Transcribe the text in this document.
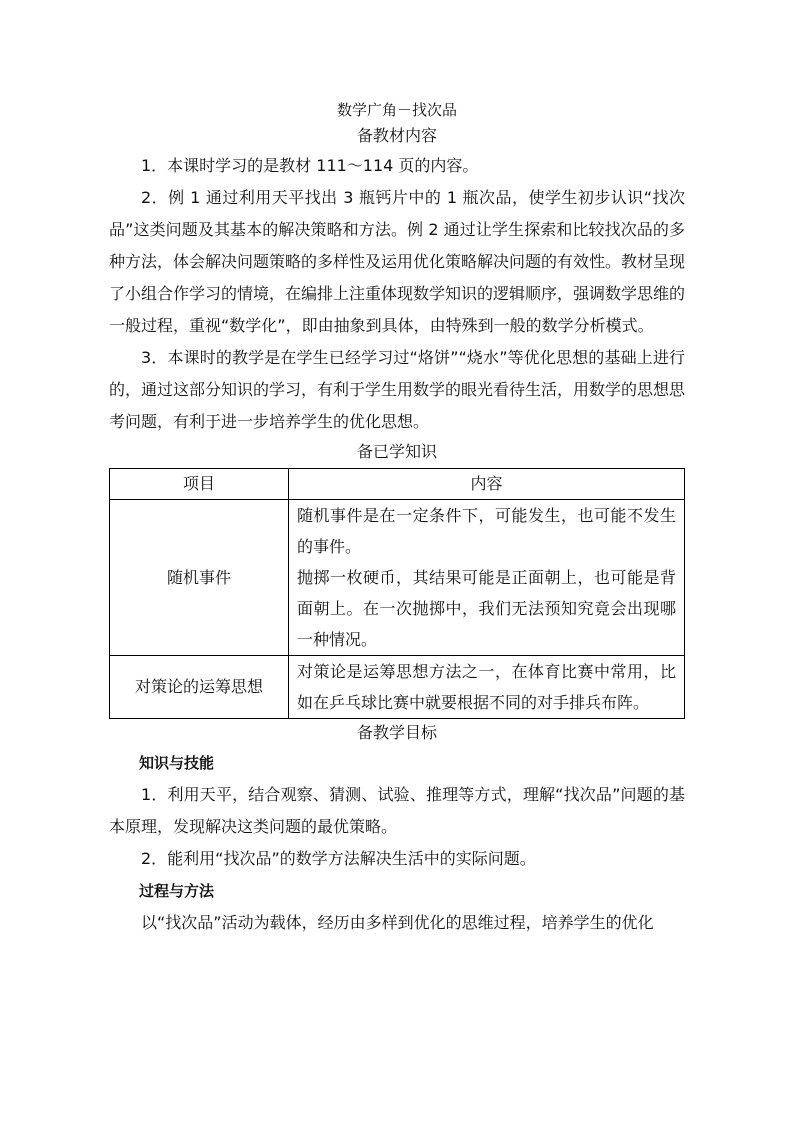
数学广角－找次品
备教材内容

1．本课时学习的是教材 111～114 页的内容。

2．例 1 通过利用天平找出 3 瓶钙片中的 1 瓶次品，使学生初步认识“找次品”这类问题及其基本的解决策略和方法。例 2 通过让学生探索和比较找次品的多种方法，体会解决问题策略的多样性及运用优化策略解决问题的有效性。教材呈现了小组合作学习的情境，在编排上注重体现数学知识的逻辑顺序，强调数学思维的一般过程，重视“数学化”，即由抽象到具体，由特殊到一般的数学分析模式。

3．本课时的教学是在学生已经学习过“烙饼”“烧水”等优化思想的基础上进行的，通过这部分知识的学习，有利于学生用数学的眼光看待生活，用数学的思想思考问题，有利于进一步培养学生的优化思想。

备已学知识
项目	内容
随机事件	随机事件是在一定条件下，可能发生，也可能不发生的事件。
抛掷一枚硬币，其结果可能是正面朝上，也可能是背面朝上。在一次抛掷中，我们无法预知究竟会出现哪一种情况。

对策论的运筹思想	对策论是运筹思想方法之一，在体育比赛中常用，比如在乒乓球比赛中就要根据不同的对手排兵布阵。
备教学目标

知识与技能

1．利用天平，结合观察、猜测、试验、推理等方式，理解“找次品”问题的基本原理，发现解决这类问题的最优策略。

2．能利用“找次品”的数学方法解决生活中的实际问题。

过程与方法

以“找次品”活动为载体，经历由多样到优化的思维过程，培养学生的优化
